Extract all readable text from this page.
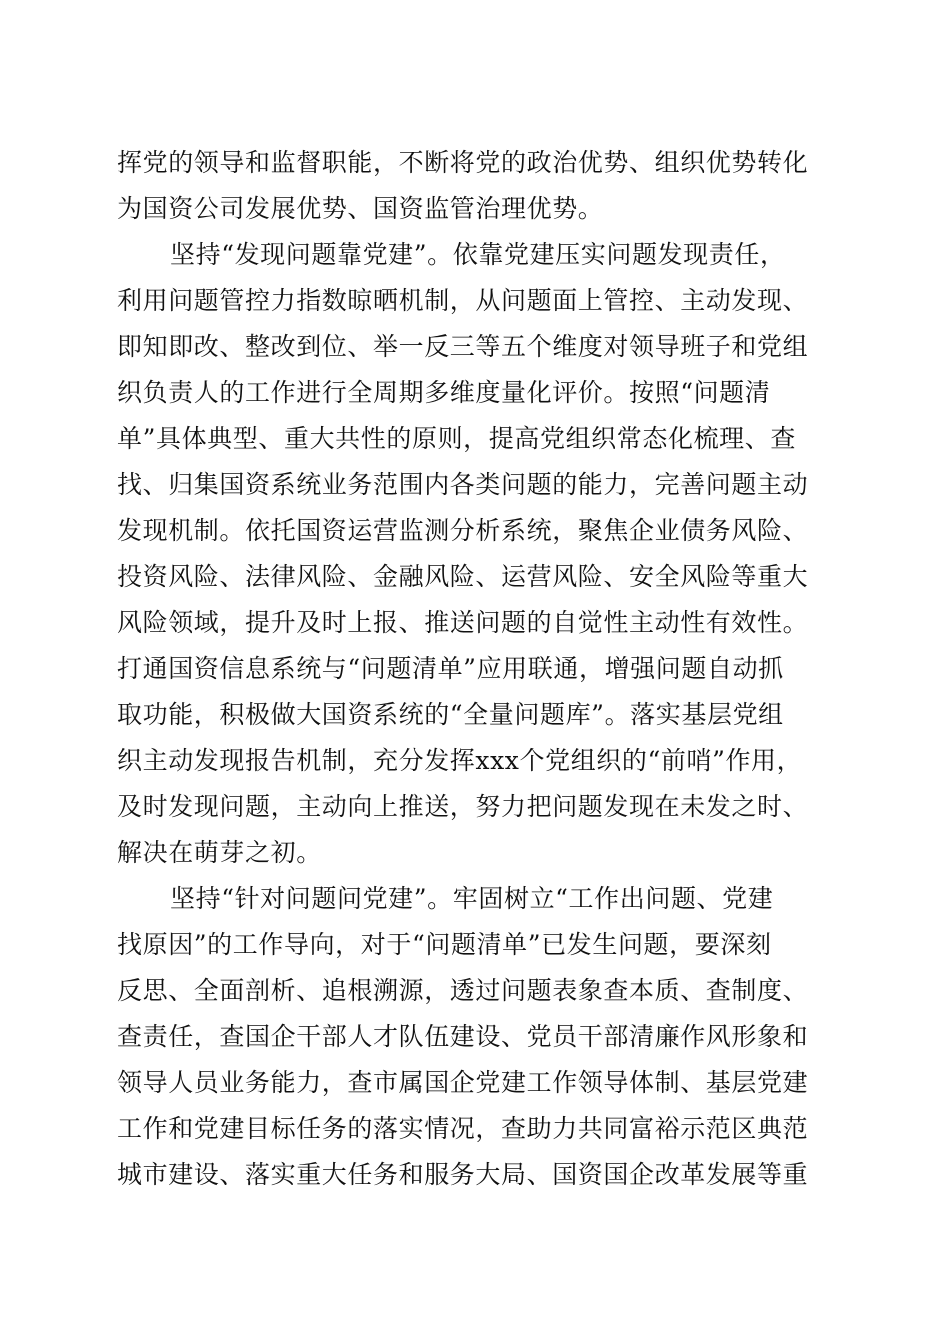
挥党的领导和监督职能，不断将党的政治优势、组织优势转化
为国资公司发展优势、国资监管治理优势。
坚持“发现问题靠党建”。依靠党建压实问题发现责任，
利用问题管控力指数晾晒机制，从问题面上管控、主动发现、
即知即改、整改到位、举一反三等五个维度对领导班子和党组
织负责人的工作进行全周期多维度量化评价。按照“问题清
单”具体典型、重大共性的原则，提高党组织常态化梳理、查
找、归集国资系统业务范围内各类问题的能力，完善问题主动
发现机制。依托国资运营监测分析系统，聚焦企业债务风险、
投资风险、法律风险、金融风险、运营风险、安全风险等重大
风险领域，提升及时上报、推送问题的自觉性主动性有效性。
打通国资信息系统与“问题清单”应用联通，增强问题自动抓
取功能，积极做大国资系统的“全量问题库”。落实基层党组
织主动发现报告机制，充分发挥xxx个党组织的“前哨”作用，
及时发现问题，主动向上推送，努力把问题发现在未发之时、
解决在萌芽之初。
坚持“针对问题问党建”。牢固树立“工作出问题、党建
找原因”的工作导向，对于“问题清单”已发生问题，要深刻
反思、全面剖析、追根溯源，透过问题表象查本质、查制度、
查责任，查国企干部人才队伍建设、党员干部清廉作风形象和
领导人员业务能力，查市属国企党建工作领导体制、基层党建
工作和党建目标任务的落实情况，查助力共同富裕示范区典范
城市建设、落实重大任务和服务大局、国资国企改革发展等重
